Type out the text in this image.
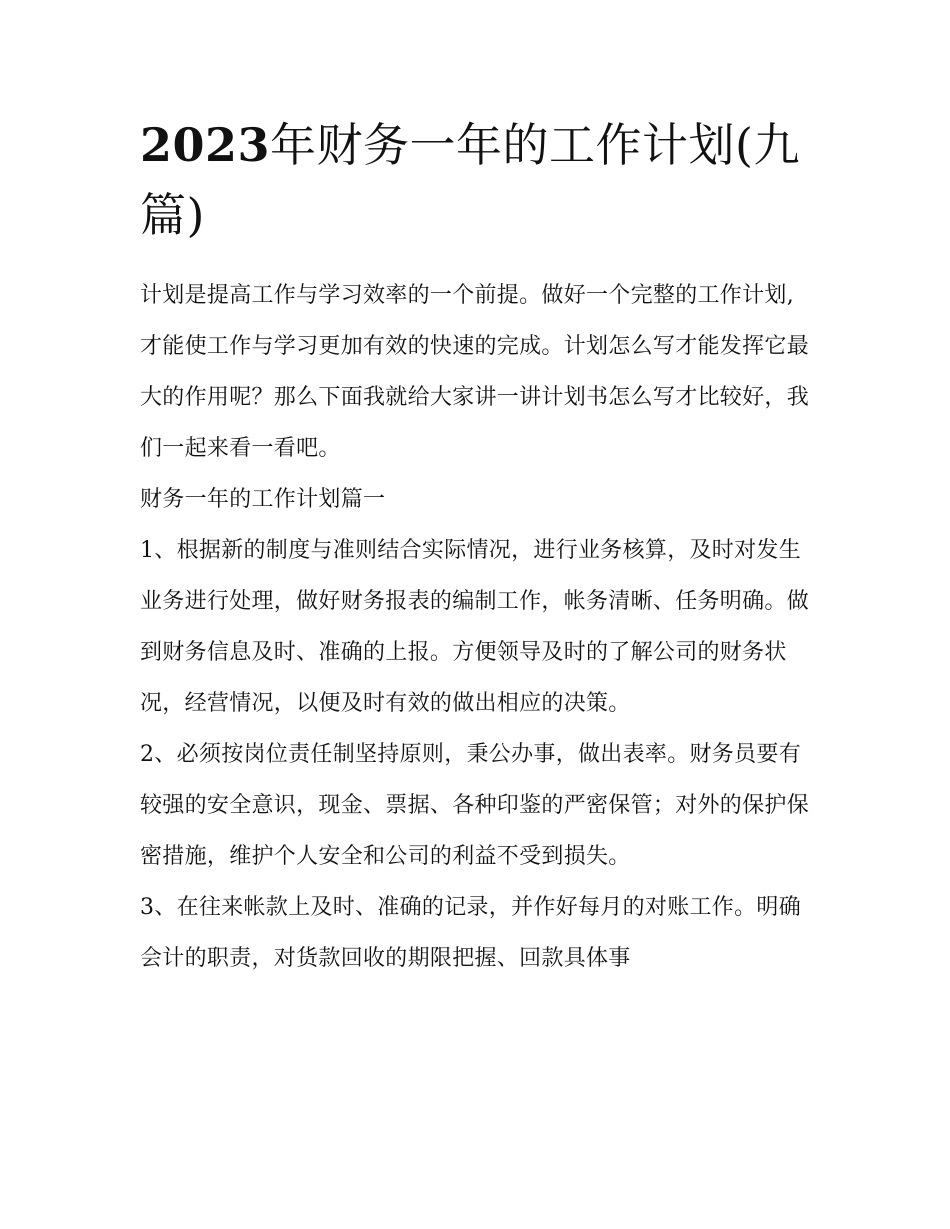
2023年财务一年的工作计划(九篇)

计划是提高工作与学习效率的一个前提。做好一个完整的工作计划,才能使工作与学习更加有效的快速的完成。计划怎么写才能发挥它最大的作用呢？那么下面我就给大家讲一讲计划书怎么写才比较好，我们一起来看一看吧。

财务一年的工作计划篇一

1、根据新的制度与准则结合实际情况，进行业务核算，及时对发生业务进行处理，做好财务报表的编制工作，帐务清晰、任务明确。做到财务信息及时、准确的上报。方便领导及时的了解公司的财务状况，经营情况，以便及时有效的做出相应的决策。

2、必须按岗位责任制坚持原则，秉公办事，做出表率。财务员要有较强的安全意识，现金、票据、各种印鉴的严密保管；对外的保护保密措施，维护个人安全和公司的利益不受到损失。

3、在往来帐款上及时、准确的记录，并作好每月的对账工作。明确会计的职责，对货款回收的期限把握、回款具体事
